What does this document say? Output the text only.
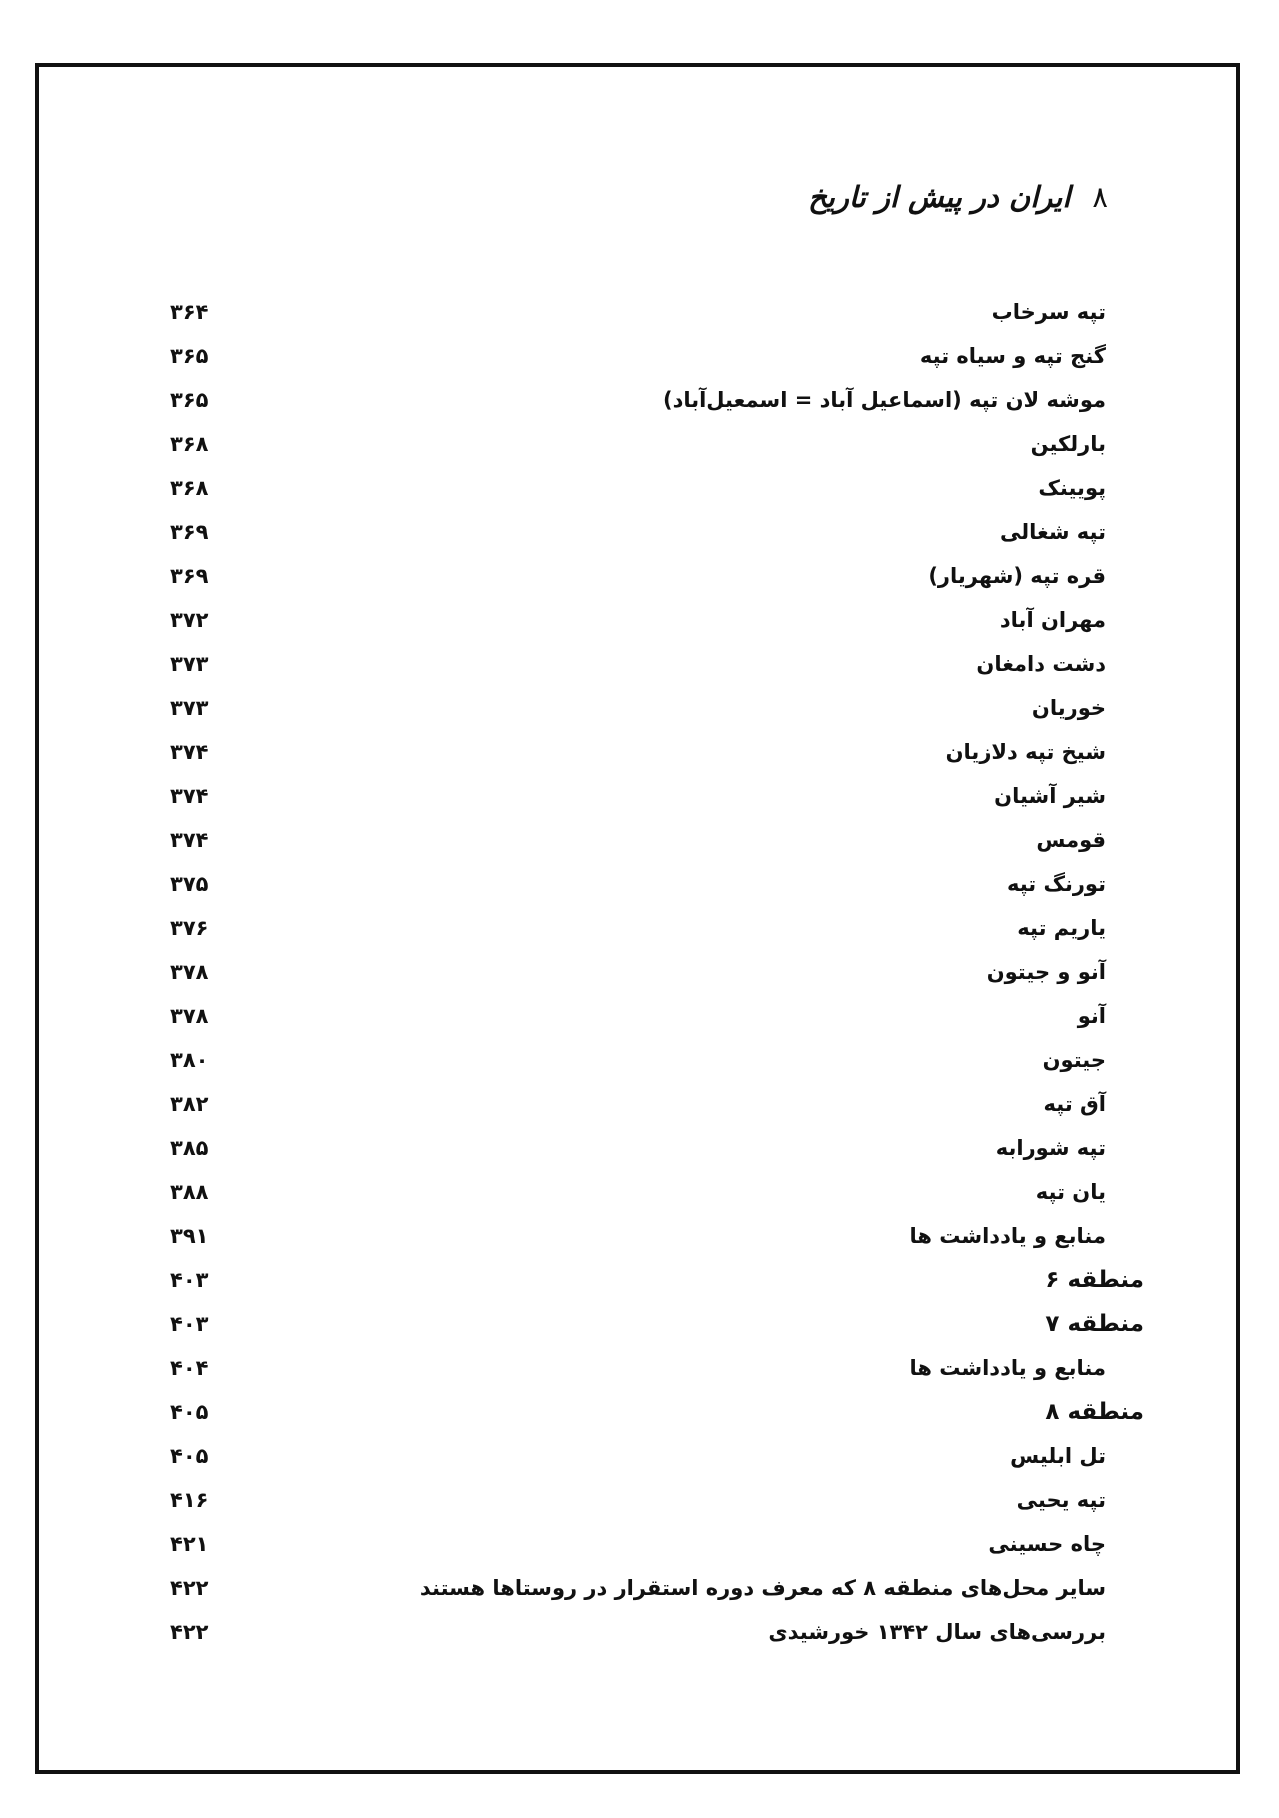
۸
ایران در پیش از تاریخ
تپه سرخاب
۳۶۴
گنج تپه و سیاه تپه
۳۶۵
موشه لان تپه (اسماعیل آباد = اسمعیل‌آباد)
۳۶۵
بارلکین
۳۶۸
پویینک
۳۶۸
تپه شغالی
۳۶۹
قره تپه (شهریار)
۳۶۹
مهران آباد
۳۷۲
دشت دامغان
۳۷۳
خوریان
۳۷۳
شیخ تپه دلازیان
۳۷۴
شیر آشیان
۳۷۴
قومس
۳۷۴
تورنگ تپه
۳۷۵
یاریم تپه
۳۷۶
آنو و جیتون
۳۷۸
آنو
۳۷۸
جیتون
۳۸۰
آق تپه
۳۸۲
تپه شورابه
۳۸۵
یان تپه
۳۸۸
منابع و یادداشت ها
۳۹۱
منطقه ۶
۴۰۳
منطقه ۷
۴۰۳
منابع و یادداشت ها
۴۰۴
منطقه ۸
۴۰۵
تل ابلیس
۴۰۵
تپه یحیی
۴۱۶
چاه حسینی
۴۲۱
سایر محل‌های منطقه ۸ که معرف دوره استقرار در روستاها هستند
۴۲۲
بررسی‌های سال ۱۳۴۲ خورشیدی
۴۲۲
